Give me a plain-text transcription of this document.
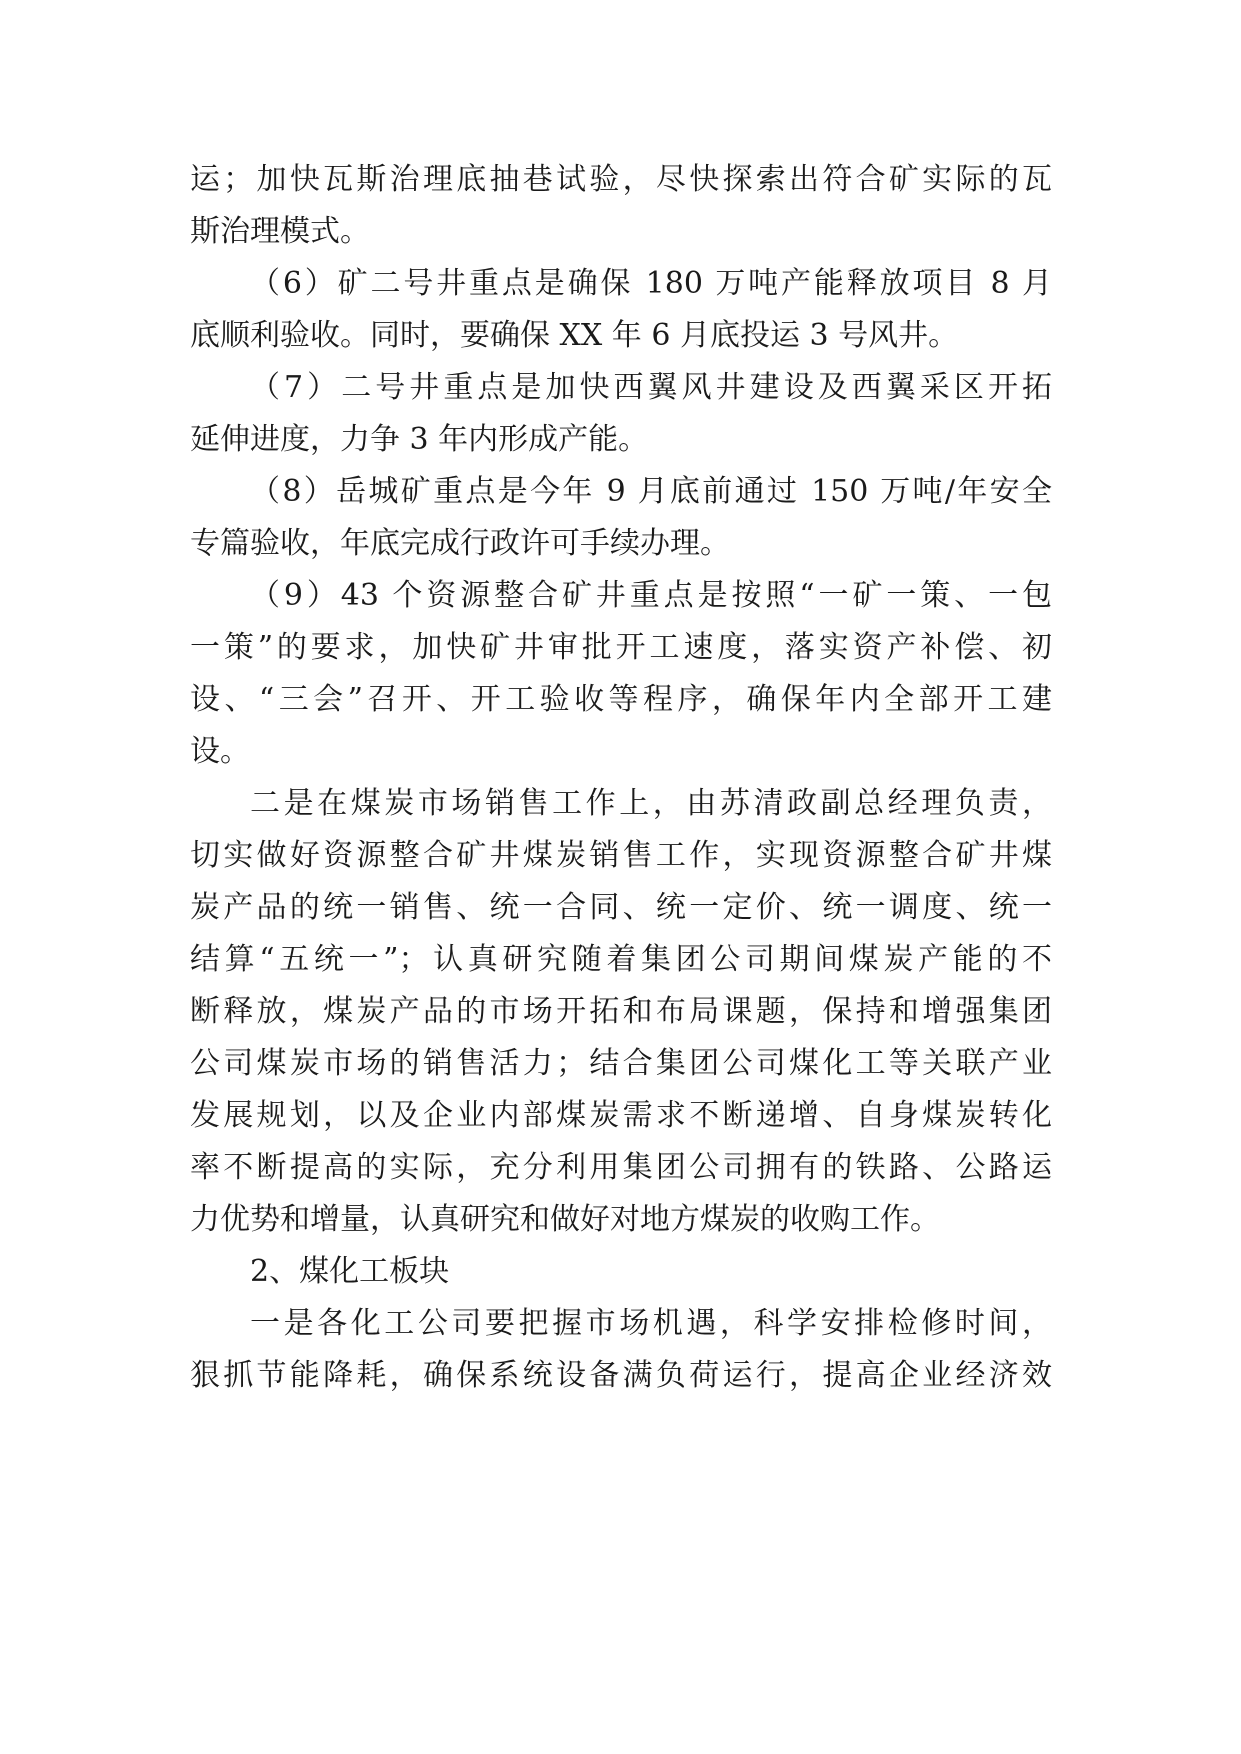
运；加快瓦斯治理底抽巷试验，尽快探索出符合矿实际的瓦
斯治理模式。
（6）矿二号井重点是确保 180 万吨产能释放项目 8 月
底顺利验收。同时，要确保 XX 年 6 月底投运 3 号风井。
（7）二号井重点是加快西翼风井建设及西翼采区开拓
延伸进度，力争 3 年内形成产能。
（8）岳城矿重点是今年 9 月底前通过 150 万吨/年安全
专篇验收，年底完成行政许可手续办理。
（9）43 个资源整合矿井重点是按照“一矿一策、一包
一策”的要求，加快矿井审批开工速度，落实资产补偿、初
设、“三会”召开、开工验收等程序，确保年内全部开工建
设。
二是在煤炭市场销售工作上，由苏清政副总经理负责，
切实做好资源整合矿井煤炭销售工作，实现资源整合矿井煤
炭产品的统一销售、统一合同、统一定价、统一调度、统一
结算“五统一”；认真研究随着集团公司期间煤炭产能的不
断释放，煤炭产品的市场开拓和布局课题，保持和增强集团
公司煤炭市场的销售活力；结合集团公司煤化工等关联产业
发展规划，以及企业内部煤炭需求不断递增、自身煤炭转化
率不断提高的实际，充分利用集团公司拥有的铁路、公路运
力优势和增量，认真研究和做好对地方煤炭的收购工作。
2、煤化工板块
一是各化工公司要把握市场机遇，科学安排检修时间，
狠抓节能降耗，确保系统设备满负荷运行，提高企业经济效
